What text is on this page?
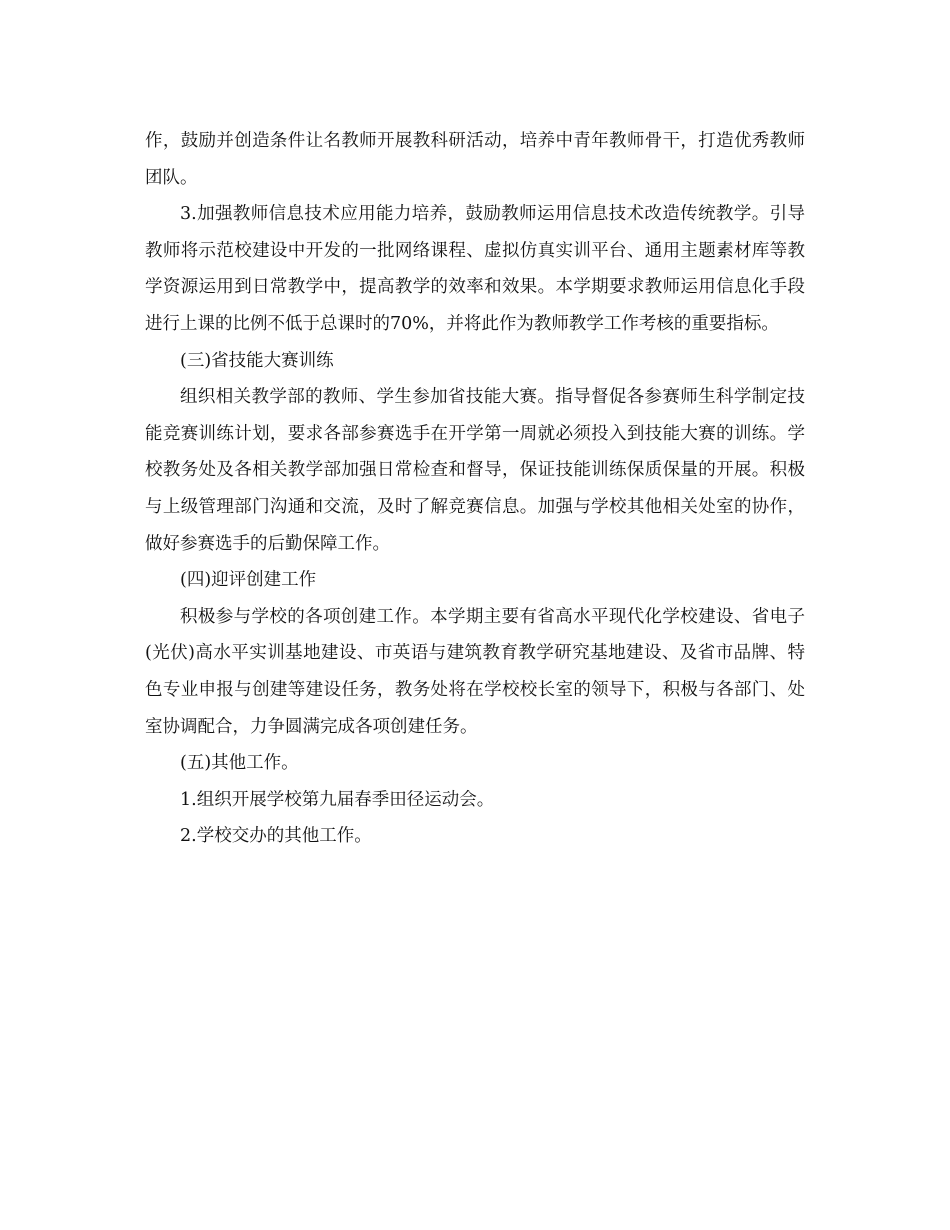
作，鼓励并创造条件让名教师开展教科研活动，培养中青年教师骨干，打造优秀教师团队。

3.加强教师信息技术应用能力培养，鼓励教师运用信息技术改造传统教学。引导教师将示范校建设中开发的一批网络课程、虚拟仿真实训平台、通用主题素材库等教学资源运用到日常教学中，提高教学的效率和效果。本学期要求教师运用信息化手段进行上课的比例不低于总课时的70%，并将此作为教师教学工作考核的重要指标。

(三)省技能大赛训练

组织相关教学部的教师、学生参加省技能大赛。指导督促各参赛师生科学制定技能竞赛训练计划，要求各部参赛选手在开学第一周就必须投入到技能大赛的训练。学校教务处及各相关教学部加强日常检查和督导，保证技能训练保质保量的开展。积极与上级管理部门沟通和交流，及时了解竞赛信息。加强与学校其他相关处室的协作，做好参赛选手的后勤保障工作。

(四)迎评创建工作

积极参与学校的各项创建工作。本学期主要有省高水平现代化学校建设、省电子(光伏)高水平实训基地建设、市英语与建筑教育教学研究基地建设、及省市品牌、特色专业申报与创建等建设任务，教务处将在学校校长室的领导下，积极与各部门、处室协调配合，力争圆满完成各项创建任务。

(五)其他工作。

1.组织开展学校第九届春季田径运动会。

2.学校交办的其他工作。
